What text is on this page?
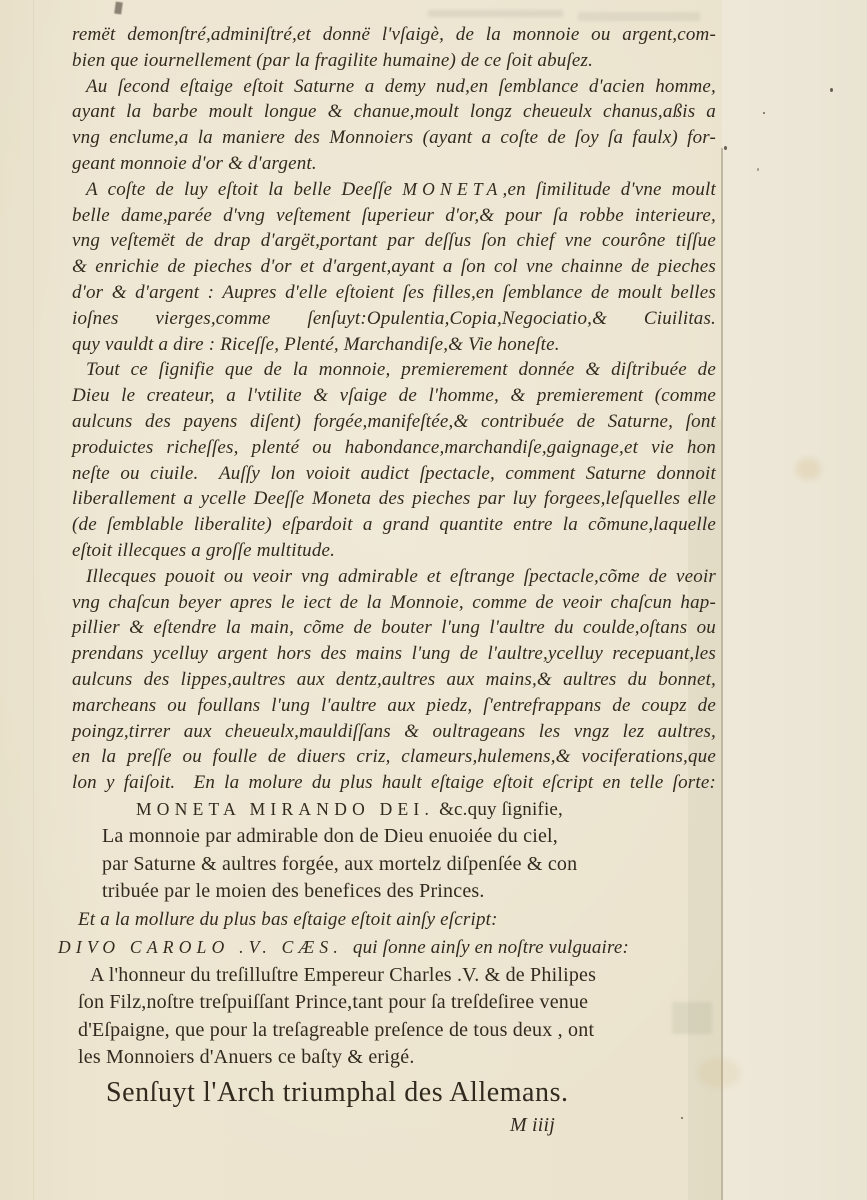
remët demonſtré,adminiſtré,et donnë l'vſaigè, de la monnoie ou argent,com-
bien que iournellement (par la fragilite humaine) de ce ſoit abuſez.
Au ſecond eſtaige eſtoit Saturne a demy nud,en ſemblance d'acien homme,
ayant la barbe moult longue & chanue,moult longz cheueulx chanus,aßis a
vng enclume,a la maniere des Monnoiers (ayant a coſte de ſoy ſa faulx) for-
geant monnoie d'or & d'argent.
A coſte de luy eſtoit la belle Deeſſe MONETA,en ſimilitude d'vne moult
belle dame,parée d'vng veſtement ſuperieur d'or,& pour ſa robbe interieure,
vng veſtemët de drap d'argët,portant par deſſus ſon chief vne courône tiſſue
& enrichie de pieches d'or et d'argent,ayant a ſon col vne chainne de pieches
d'or & d'argent : Aupres d'elle eſtoient ſes filles,en ſemblance de moult belles
ioſnes vierges,comme ſenſuyt:Opulentia,Copia,Negociatio,& Ciuilitas.
quy vauldt a dire : Riceſſe, Plenté, Marchandiſe,& Vie honeſte.
Tout ce ſignifie que de la monnoie, premierement donnée & diſtribuée de
Dieu le createur, a l'vtilite & vſaige de l'homme, & premierement (comme
aulcuns des payens diſent) forgée,manifeſtée,& contribuée de Saturne, ſont
produictes richeſſes, plenté ou habondance,marchandiſe,gaignage,et vie hon
neſte ou ciuile.  Auſſy lon voioit audict ſpectacle, comment Saturne donnoit
liberallement a ycelle Deeſſe Moneta des pieches par luy forgees,leſquelles elle
(de ſemblable liberalite) eſpardoit a grand quantite entre la cõmune,laquelle
eſtoit illecques a groſſe multitude.
Illecques pouoit ou veoir vng admirable et eſtrange ſpectacle,cõme de veoir
vng chaſcun beyer apres le iect de la Monnoie, comme de veoir chaſcun hap-
pillier & eſtendre la main, cõme de bouter l'ung l'aultre du coulde,oſtans ou
prendans ycelluy argent hors des mains l'ung de l'aultre,ycelluy recepuant,les
aulcuns des lippes,aultres aux dentz,aultres aux mains,& aultres du bonnet,
marcheans ou foullans l'ung l'aultre aux piedz, ſ'entrefrappans de coupz de
poingz,tirrer aux cheueulx,mauldiſſans & oultrageans les vngz lez aultres,
en la preſſe ou foulle de diuers criz, clameurs,hulemens,& vociferations,que
lon y faiſoit.  En la molure du plus hault eſtaige eſtoit eſcript en telle ſorte:
MONETA MIRANDO DEI. &c.quy ſignifie,
La monnoie par admirable don de Dieu enuoiée du ciel,
par Saturne & aultres forgée, aux mortelz diſpenſée & con
tribuée par le moien des benefices des Princes.
Et a la mollure du plus bas eſtaige eſtoit ainſy eſcript:
DIVO CAROLO .V. CÆS.  qui ſonne ainſy en noſtre vulguaire:
A l'honneur du treſilluſtre Empereur Charles .V. & de Philipes
ſon Filz,noſtre treſpuiſſant Prince,tant pour ſa treſdeſiree venue
d'Eſpaigne, que pour la treſagreable preſence de tous deux , ont
les Monnoiers d'Anuers ce baſty & erigé.
Senſuyt l'Arch triumphal des Allemans.
M iiij
